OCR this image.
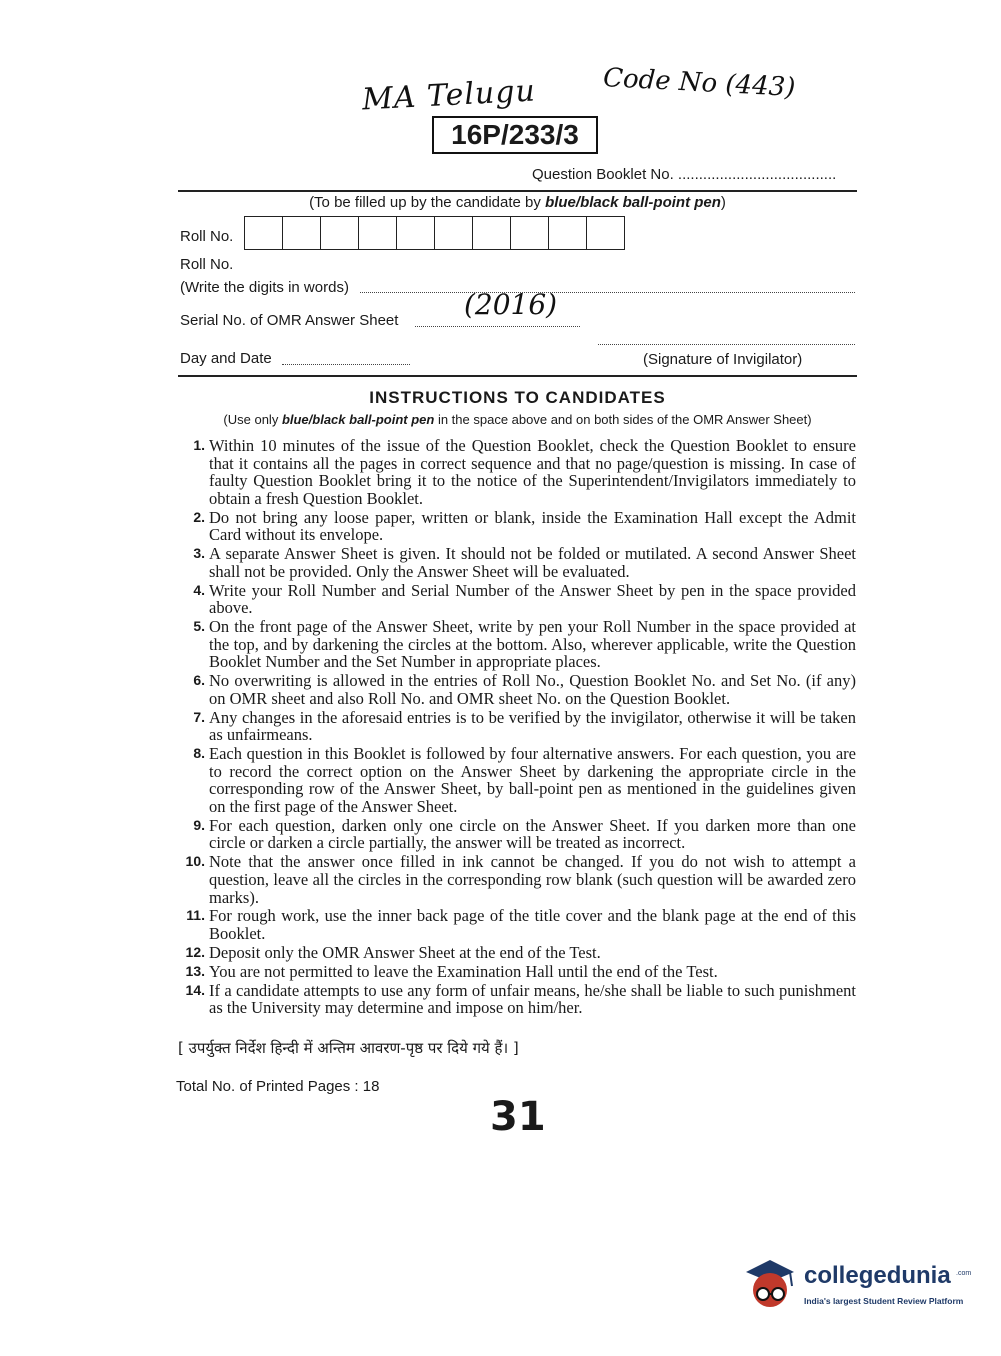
MA Telugu	Code No (443)
16P/233/3
Question Booklet No. ......................................
(To be filled up by the candidate by blue/black ball-point pen)
Roll No.
Roll No.
(Write the digits in words)
Serial No. of OMR Answer Sheet (2016)
Day and Date	(Signature of Invigilator)
INSTRUCTIONS TO CANDIDATES
(Use only blue/black ball-point pen in the space above and on both sides of the OMR Answer Sheet)
1. Within 10 minutes of the issue of the Question Booklet, check the Question Booklet to ensure that it contains all the pages in correct sequence and that no page/question is missing. In case of faulty Question Booklet bring it to the notice of the Superintendent/Invigilators immediately to obtain a fresh Question Booklet.
2. Do not bring any loose paper, written or blank, inside the Examination Hall except the Admit Card without its envelope.
3. A separate Answer Sheet is given. It should not be folded or mutilated. A second Answer Sheet shall not be provided. Only the Answer Sheet will be evaluated.
4. Write your Roll Number and Serial Number of the Answer Sheet by pen in the space provided above.
5. On the front page of the Answer Sheet, write by pen your Roll Number in the space provided at the top, and by darkening the circles at the bottom. Also, wherever applicable, write the Question Booklet Number and the Set Number in appropriate places.
6. No overwriting is allowed in the entries of Roll No., Question Booklet No. and Set No. (if any) on OMR sheet and also Roll No. and OMR sheet No. on the Question Booklet.
7. Any changes in the aforesaid entries is to be verified by the invigilator, otherwise it will be taken as unfairmeans.
8. Each question in this Booklet is followed by four alternative answers. For each question, you are to record the correct option on the Answer Sheet by darkening the appropriate circle in the corresponding row of the Answer Sheet, by ball-point pen as mentioned in the guidelines given on the first page of the Answer Sheet.
9. For each question, darken only one circle on the Answer Sheet. If you darken more than one circle or darken a circle partially, the answer will be treated as incorrect.
10. Note that the answer once filled in ink cannot be changed. If you do not wish to attempt a question, leave all the circles in the corresponding row blank (such question will be awarded zero marks).
11. For rough work, use the inner back page of the title cover and the blank page at the end of this Booklet.
12. Deposit only the OMR Answer Sheet at the end of the Test.
13. You are not permitted to leave the Examination Hall until the end of the Test.
14. If a candidate attempts to use any form of unfair means, he/she shall be liable to such punishment as the University may determine and impose on him/her.
[ उपर्युक्त निर्देश हिन्दी में अन्तिम आवरण-पृष्ठ पर दिये गये हैं। ]
Total No. of Printed Pages : 18
31
collegedunia .com
India's largest Student Review Platform
